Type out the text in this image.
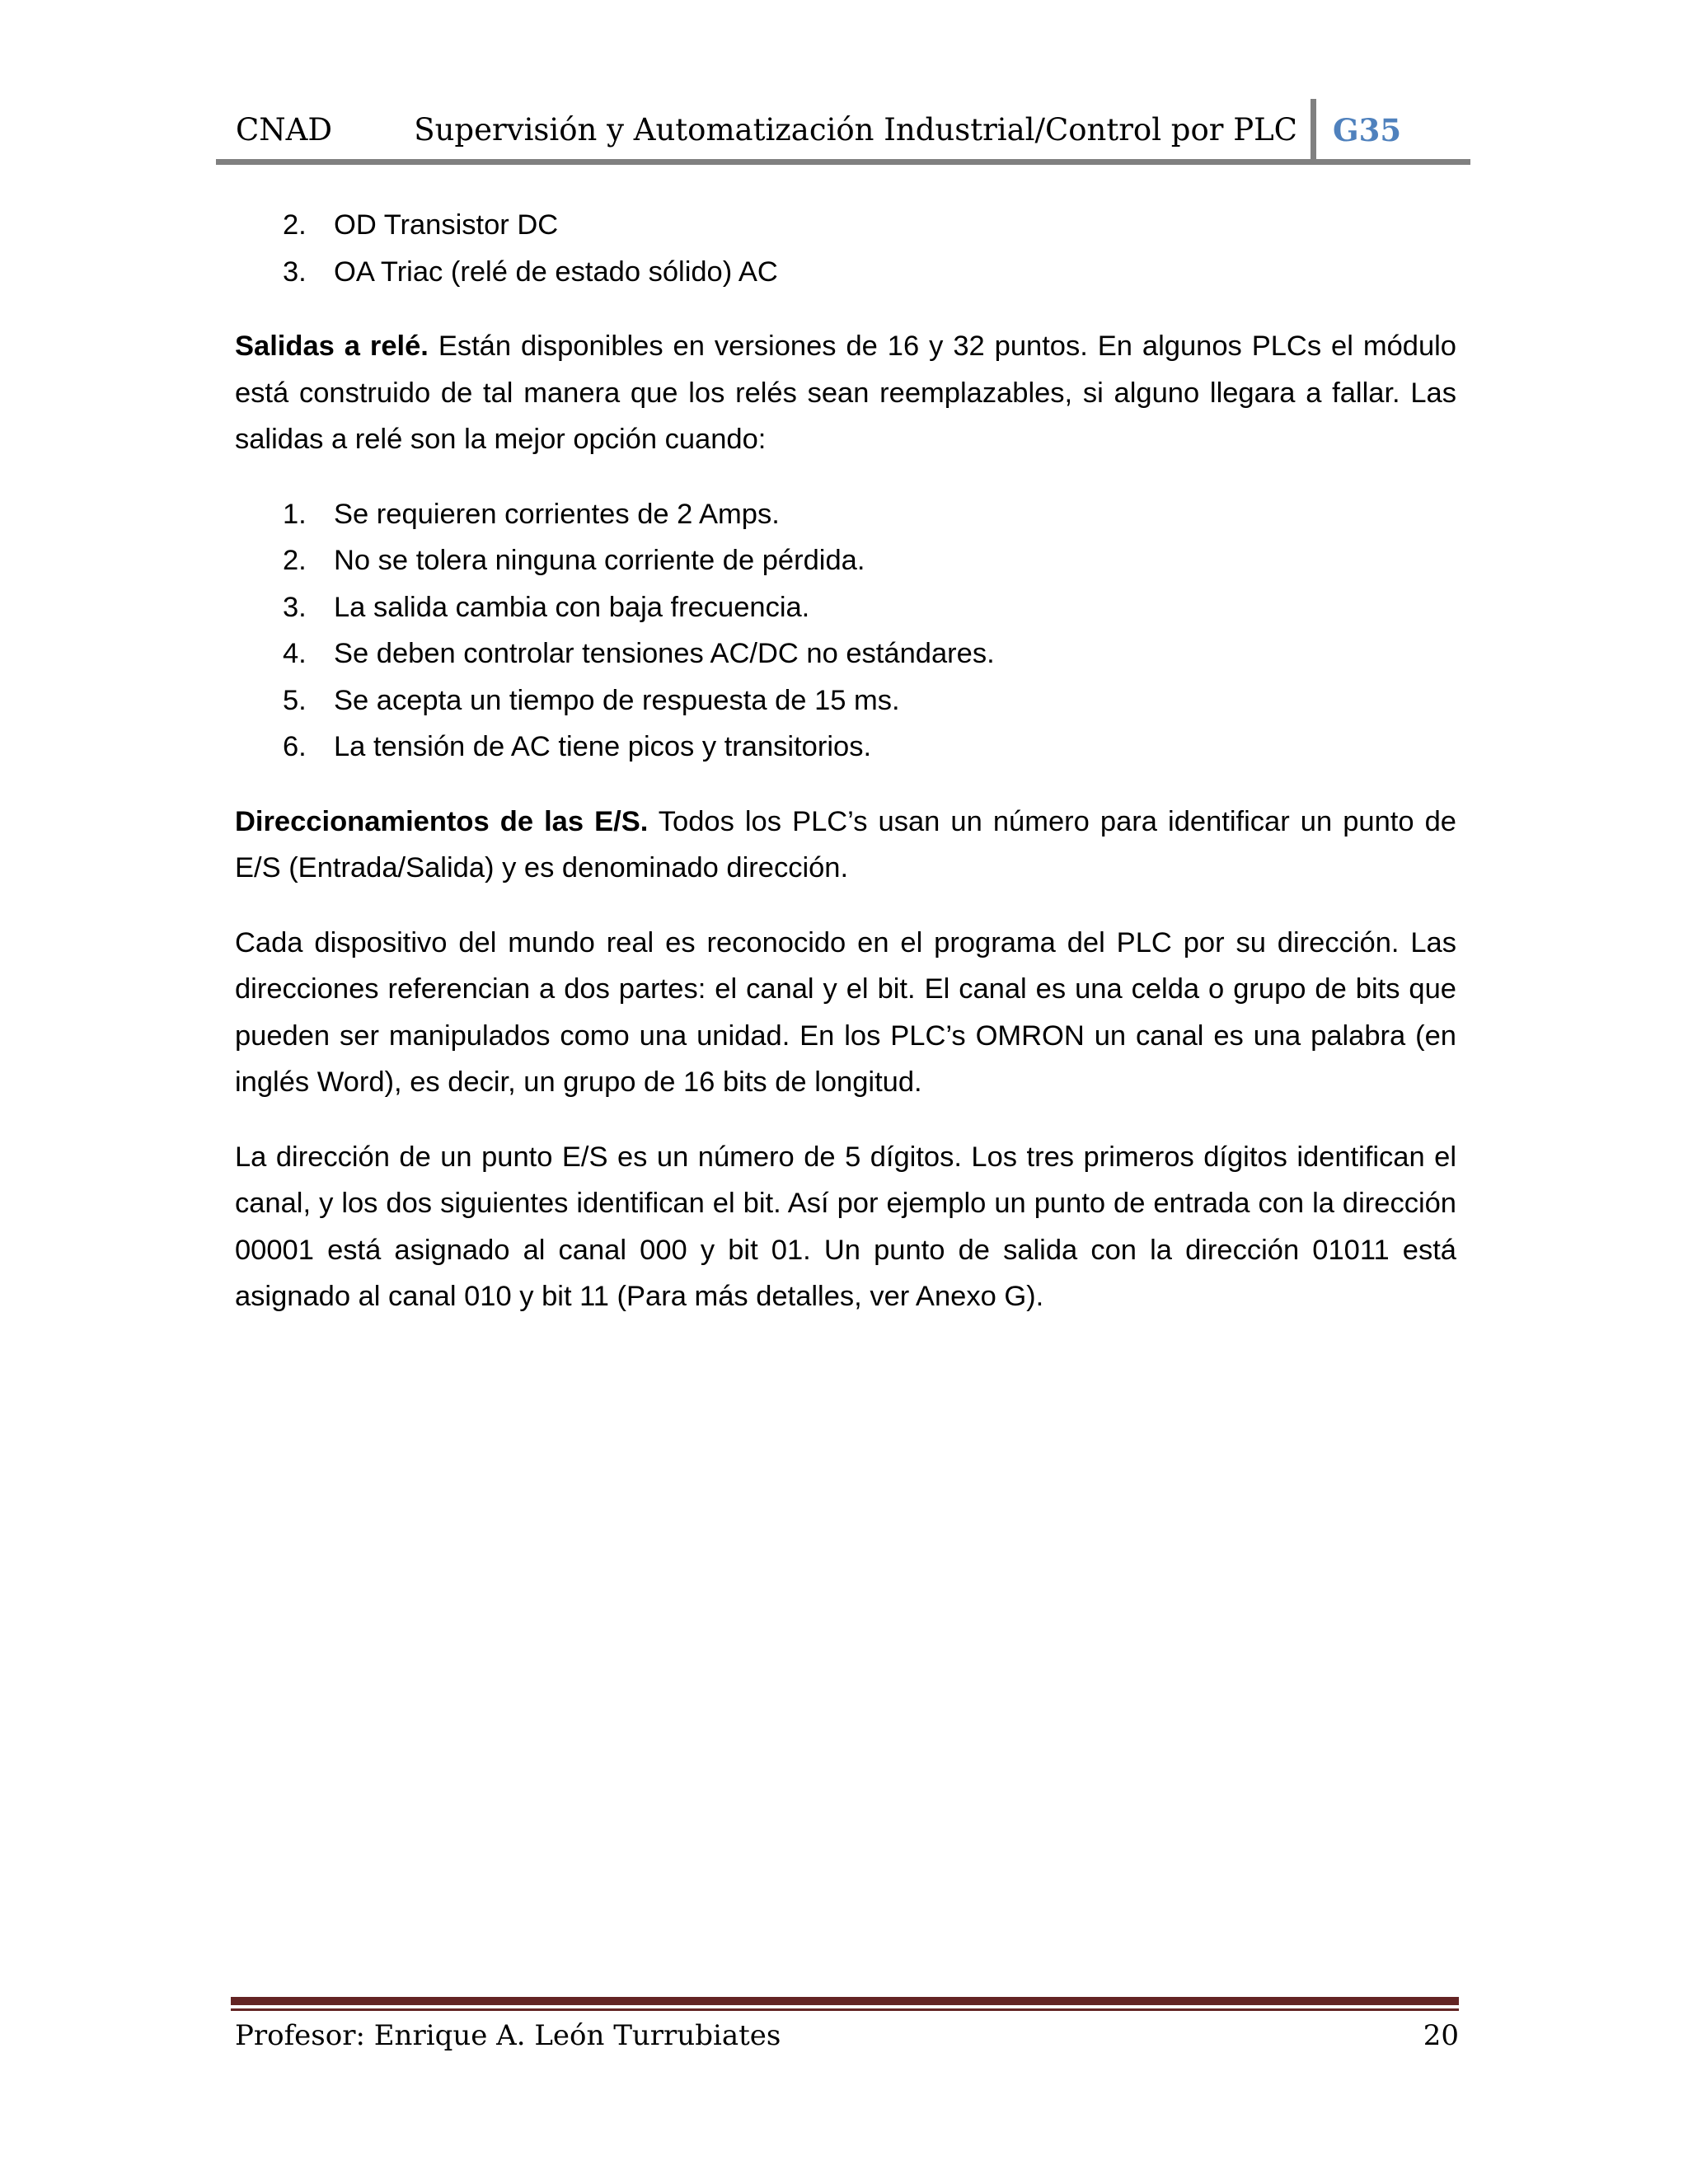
CNAD	Supervisión y Automatización Industrial/Control por PLC G35
2. OD Transistor DC
3. OA Triac (relé de estado sólido) AC

Salidas a relé. Están disponibles en versiones de 16 y 32 puntos. En algunos PLCs el módulo está construido de tal manera que los relés sean reemplazables, si alguno llegara a fallar. Las salidas a relé son la mejor opción cuando:

1. Se requieren corrientes de 2 Amps.
2. No se tolera ninguna corriente de pérdida.
3. La salida cambia con baja frecuencia.
4. Se deben controlar tensiones AC/DC no estándares.
5. Se acepta un tiempo de respuesta de 15 ms.
6. La tensión de AC tiene picos y transitorios.

Direccionamientos de las E/S. Todos los PLC’s usan un número para identificar un punto de E/S (Entrada/Salida) y es denominado dirección.

Cada dispositivo del mundo real es reconocido en el programa del PLC por su dirección. Las direcciones referencian a dos partes: el canal y el bit. El canal es una celda o grupo de bits que pueden ser manipulados como una unidad. En los PLC’s OMRON un canal es una palabra (en inglés Word), es decir, un grupo de 16 bits de longitud.

La dirección de un punto E/S es un número de 5 dígitos. Los tres primeros dígitos identifican el canal, y los dos siguientes identifican el bit. Así por ejemplo un punto de entrada con la dirección 00001 está asignado al canal 000 y bit 01. Un punto de salida con la dirección 01011 está asignado al canal 010 y bit 11 (Para más detalles, ver Anexo G).

Profesor: Enrique A. León Turrubiates	20
